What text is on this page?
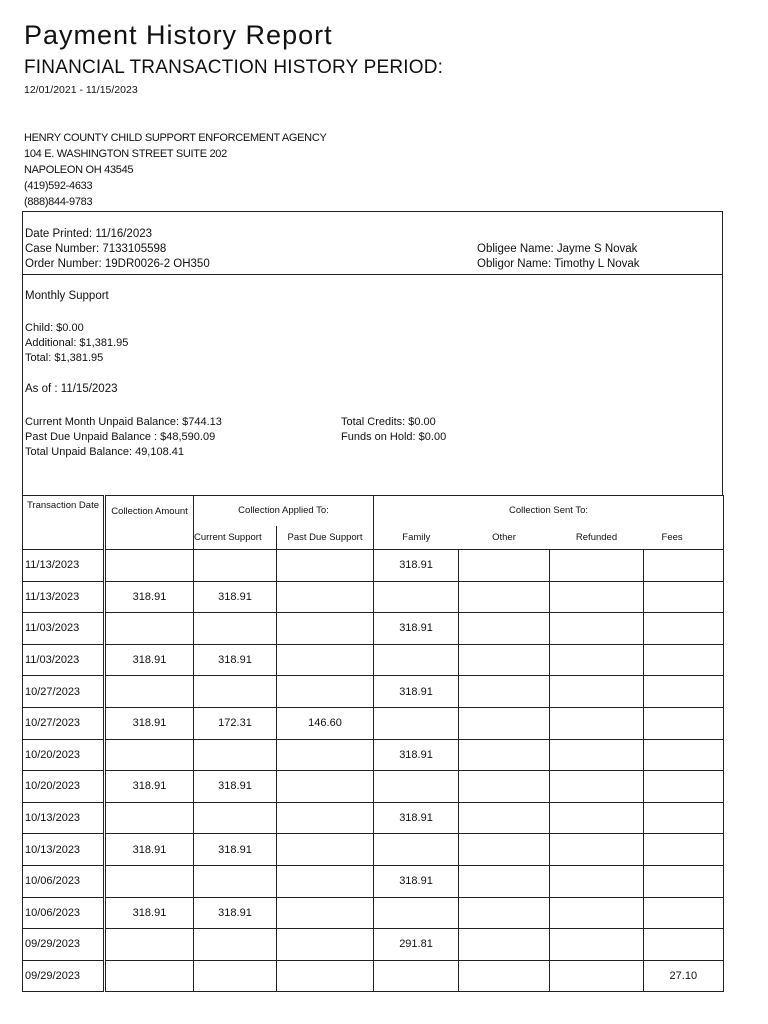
Payment History Report
FINANCIAL TRANSACTION HISTORY PERIOD:
12/01/2021 - 11/15/2023
HENRY COUNTY CHILD SUPPORT ENFORCEMENT AGENCY
104 E. WASHINGTON STREET SUITE 202
NAPOLEON OH 43545
(419)592-4633
(888)844-9783
Date Printed: 11/16/2023
Case Number: 7133105598
Order Number: 19DR0026-2 OH350
Obligee Name: Jayme S Novak
Obligor Name: Timothy L Novak
Monthly Support
Child: $0.00
Additional: $1,381.95
Total: $1,381.95
As of : 11/15/2023
Current Month Unpaid Balance: $744.13
Past Due Unpaid Balance : $48,590.09
Total Unpaid Balance: 49,108.41
Total Credits: $0.00
Funds on Hold: $0.00
Transaction Date	Collection Amount	Collection Applied To:		Collection Sent To:			
		Current Support	Past Due Support	Family	Other	Refunded	Fees
11/13/2023				318.91			
11/13/2023	318.91	318.91					
11/03/2023				318.91			
11/03/2023	318.91	318.91					
10/27/2023				318.91			
10/27/2023	318.91	172.31	146.60				
10/20/2023				318.91			
10/20/2023	318.91	318.91					
10/13/2023				318.91			
10/13/2023	318.91	318.91					
10/06/2023				318.91			
10/06/2023	318.91	318.91					
09/29/2023				291.81			
09/29/2023							27.10
